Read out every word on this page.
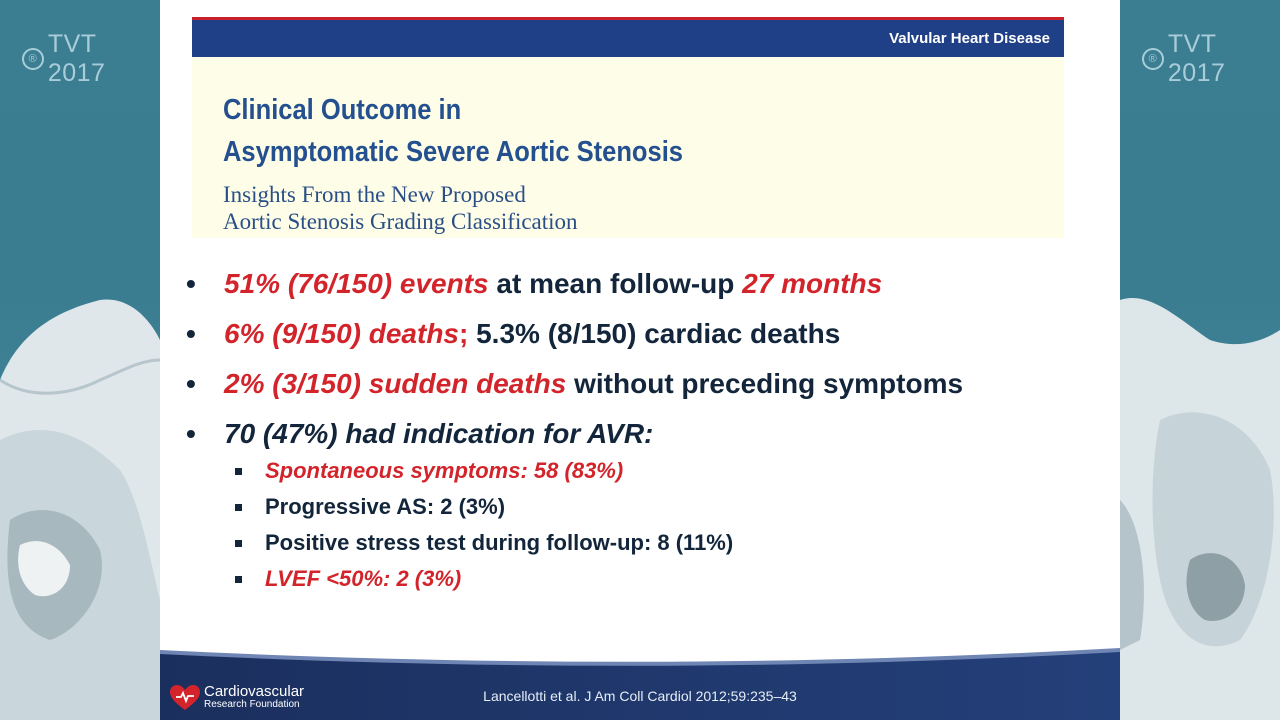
®
TVT 2017	®
TVT 2017
Valvular Heart Disease
Clinical Outcome in
Asymptomatic Severe Aortic Stenosis
Insights From the New Proposed
Aortic Stenosis Grading Classification
• 51% (76/150) events at mean follow-up 27 months
• 6% (9/150) deaths; 5.3% (8/150) cardiac deaths
• 2% (3/150) sudden deaths without preceding symptoms
• 70 (47%) had indication for AVR:
Spontaneous symptoms: 58 (83%)
Progressive AS: 2 (3%)
Positive stress test during follow-up: 8 (11%)
LVEF <50%: 2 (3%)
Cardiovascular
Research Foundation
Lancellotti et al. J Am Coll Cardiol 2012;59:235–43
